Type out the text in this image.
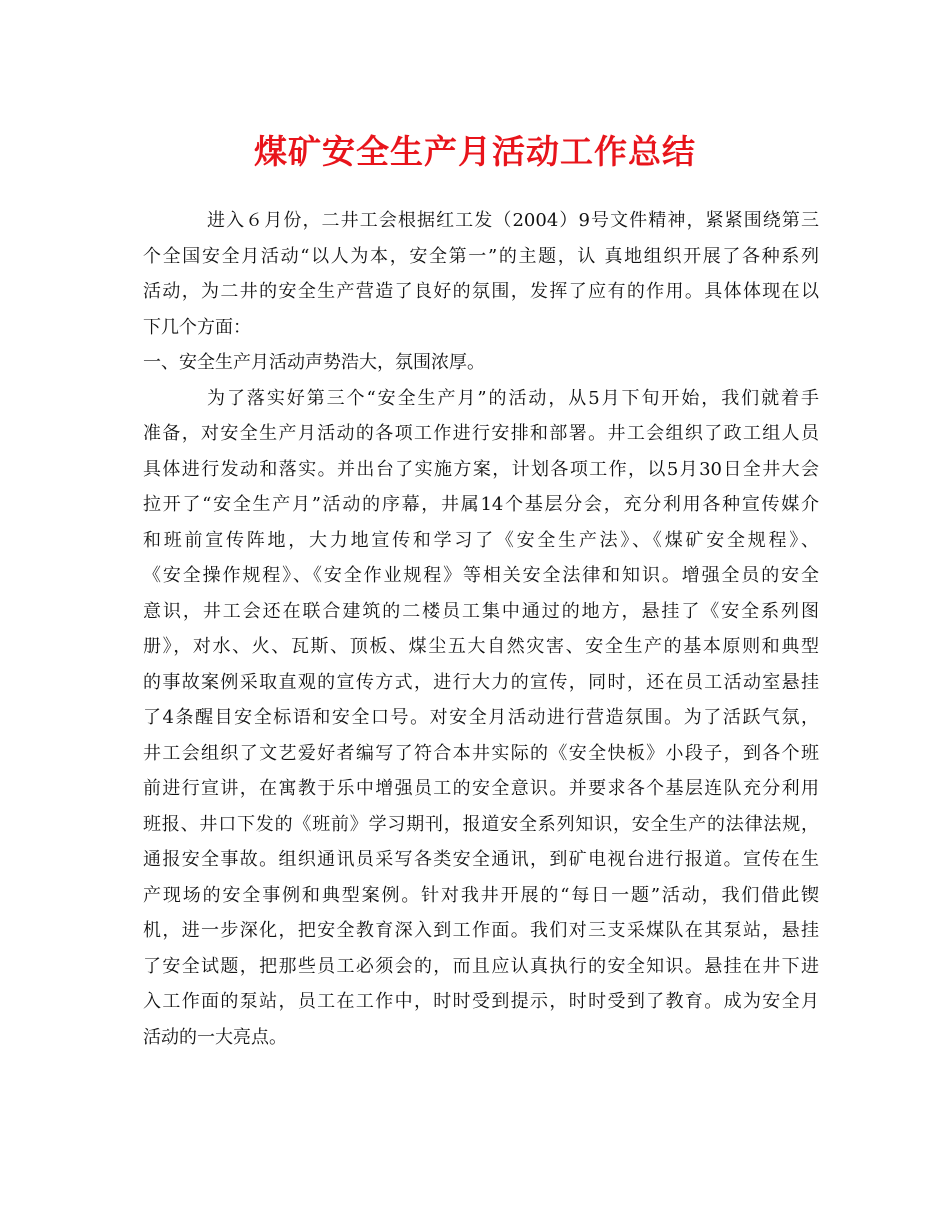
煤矿安全生产月活动工作总结
进入６月份，二井工会根据红工发（2004）9号文件精神，紧紧围绕第三
个全国安全月活动“以人为本，安全第一”的主题，认 真地组织开展了各种系列
活动，为二井的安全生产营造了良好的氛围，发挥了应有的作用。具体体现在以
下几个方面：
一、安全生产月活动声势浩大，氛围浓厚。
为了落实好第三个“安全生产月”的活动，从5月下旬开始，我们就着手
准备，对安全生产月活动的各项工作进行安排和部署。井工会组织了政工组人员
具体进行发动和落实。并出台了实施方案，计划各项工作，以5月30日全井大会
拉开了“安全生产月”活动的序幕，井属14个基层分会，充分利用各种宣传媒介
和班前宣传阵地，大力地宣传和学习了《安全生产法》、《煤矿安全规程》、
《安全操作规程》、《安全作业规程》等相关安全法律和知识。增强全员的安全
意识，井工会还在联合建筑的二楼员工集中通过的地方，悬挂了《安全系列图
册》，对水、火、瓦斯、顶板、煤尘五大自然灾害、安全生产的基本原则和典型
的事故案例采取直观的宣传方式，进行大力的宣传，同时，还在员工活动室悬挂
了4条醒目安全标语和安全口号。对安全月活动进行营造氛围。为了活跃气氛，
井工会组织了文艺爱好者编写了符合本井实际的《安全快板》小段子，到各个班
前进行宣讲，在寓教于乐中增强员工的安全意识。并要求各个基层连队充分利用
班报、井口下发的《班前》学习期刊，报道安全系列知识，安全生产的法律法规，
通报安全事故。组织通讯员采写各类安全通讯，到矿电视台进行报道。宣传在生
产现场的安全事例和典型案例。针对我井开展的“每日一题”活动，我们借此锲
机，进一步深化，把安全教育深入到工作面。我们对三支采煤队在其泵站，悬挂
了安全试题，把那些员工必须会的，而且应认真执行的安全知识。悬挂在井下进
入工作面的泵站，员工在工作中，时时受到提示，时时受到了教育。成为安全月
活动的一大亮点。
